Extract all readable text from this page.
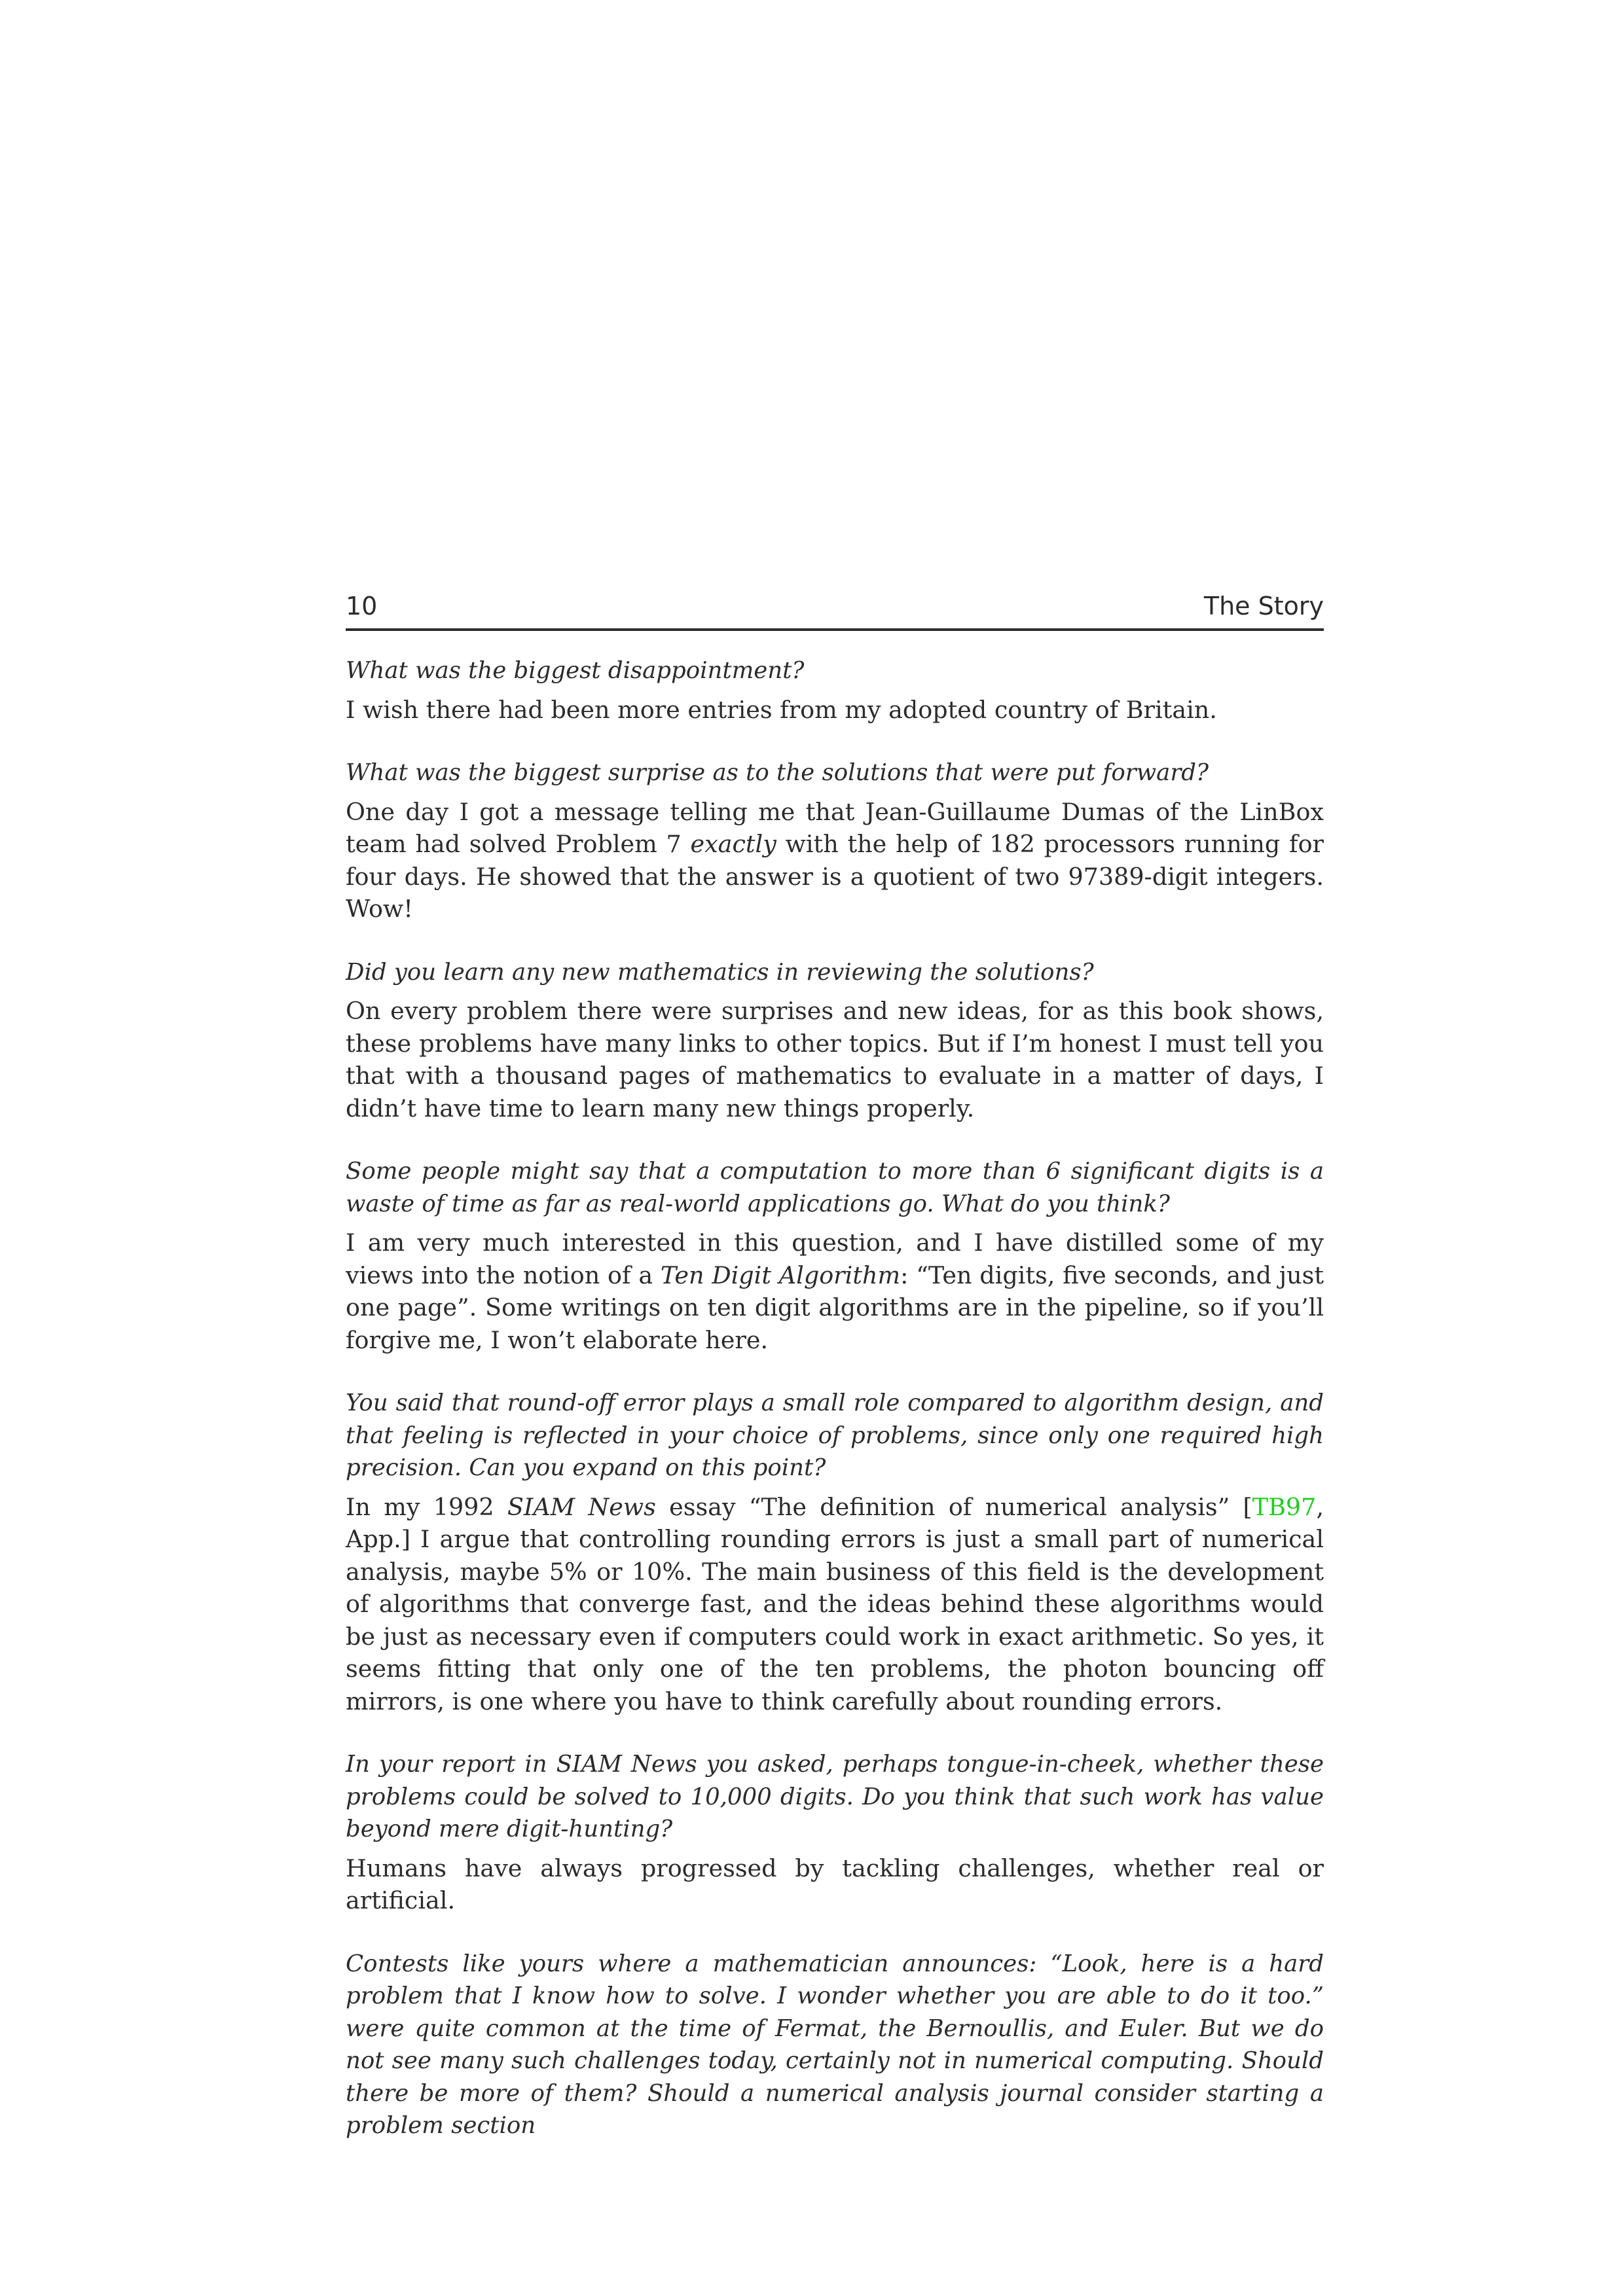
10	The Story

What was the biggest disappointment?

I wish there had been more entries from my adopted country of Britain.

What was the biggest surprise as to the solutions that were put forward?

One day I got a message telling me that Jean-Guillaume Dumas of the LinBox team had solved Problem 7 exactly with the help of 182 processors running for four days. He showed that the answer is a quotient of two 97389-digit integers. Wow!

Did you learn any new mathematics in reviewing the solutions?

On every problem there were surprises and new ideas, for as this book shows, these problems have many links to other topics. But if I’m honest I must tell you that with a thousand pages of mathematics to evaluate in a matter of days, I didn’t have time to learn many new things properly.

Some people might say that a computation to more than 6 significant digits is a waste of time as far as real-world applications go. What do you think?

I am very much interested in this question, and I have distilled some of my views into the notion of a Ten Digit Algorithm: “Ten digits, five seconds, and just one page”. Some writings on ten digit algorithms are in the pipeline, so if you’ll forgive me, I won’t elaborate here.

You said that round-off error plays a small role compared to algorithm design, and that feeling is reflected in your choice of problems, since only one required high precision. Can you expand on this point?

In my 1992 SIAM News essay “The definition of numerical analysis” [TB97, App.] I argue that controlling rounding errors is just a small part of numerical analysis, maybe 5% or 10%. The main business of this field is the development of algorithms that converge fast, and the ideas behind these algorithms would be just as necessary even if computers could work in exact arithmetic. So yes, it seems fitting that only one of the ten problems, the photon bouncing off mirrors, is one where you have to think carefully about rounding errors.

In your report in SIAM News you asked, perhaps tongue-in-cheek, whether these problems could be solved to 10,000 digits. Do you think that such work has value beyond mere digit-hunting?

Humans have always progressed by tackling challenges, whether real or artificial.

Contests like yours where a mathematician announces: “Look, here is a hard problem that I know how to solve. I wonder whether you are able to do it too.” were quite common at the time of Fermat, the Bernoullis, and Euler. But we do not see many such challenges today, certainly not in numerical computing. Should there be more of them? Should a numerical analysis journal consider starting a problem section
